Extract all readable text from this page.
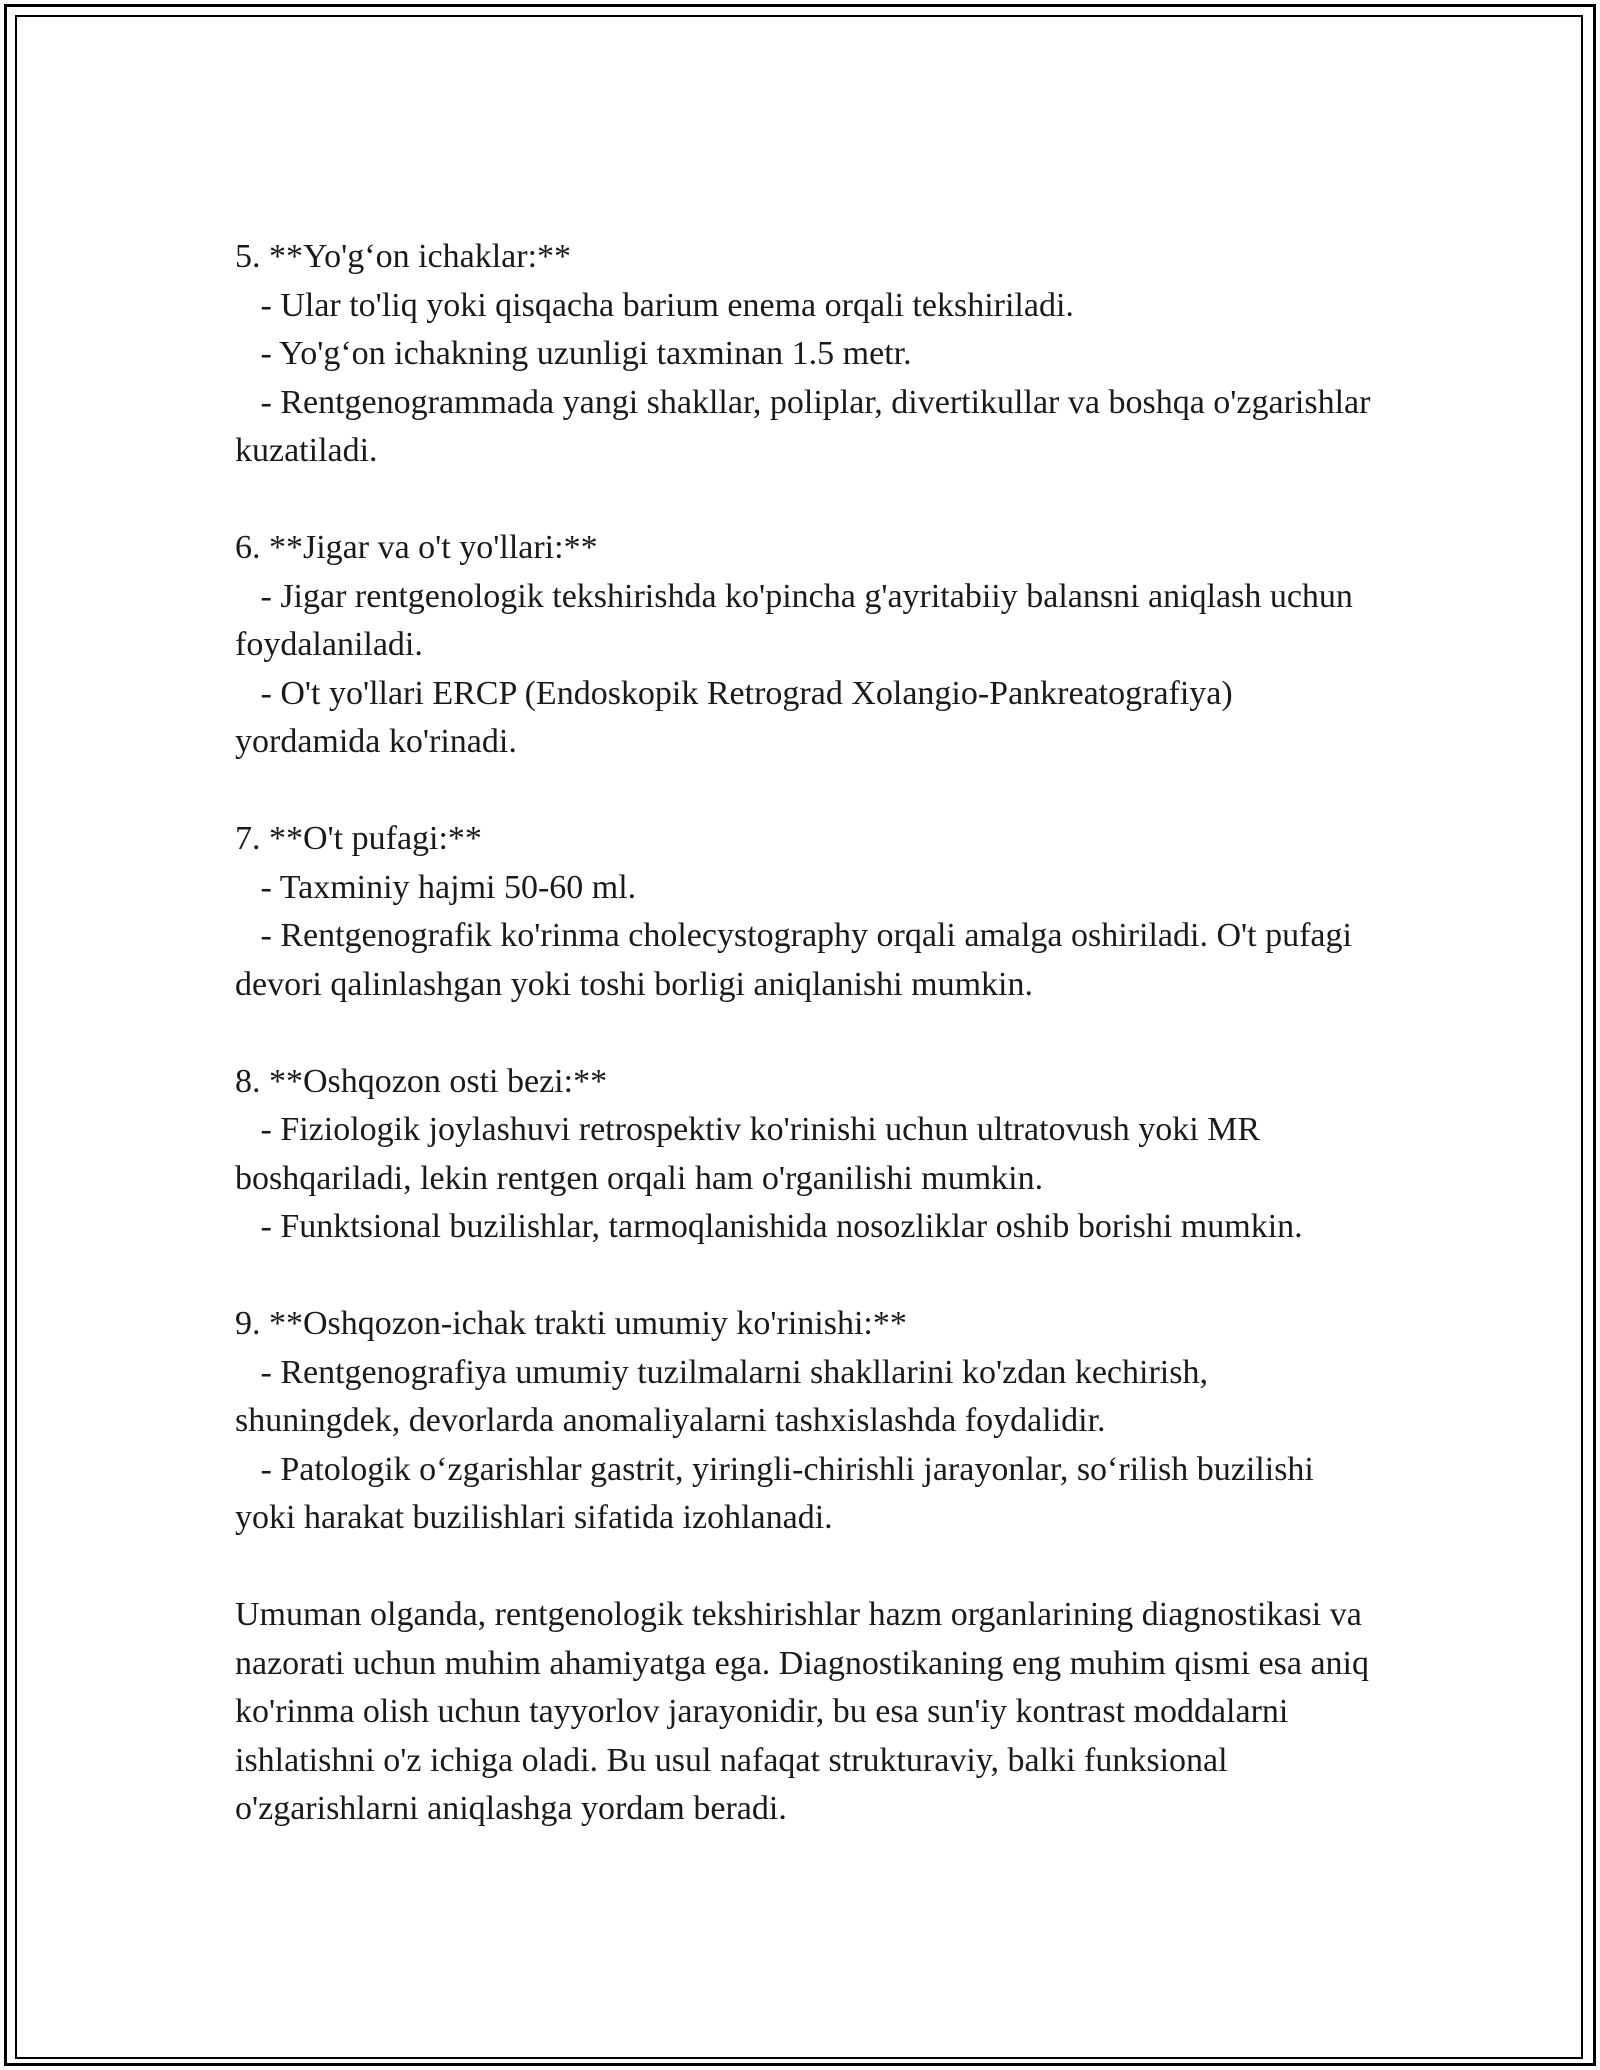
5. **Yo'g‘on ichaklar:**
- Ular to'liq yoki qisqacha barium enema orqali tekshiriladi.
- Yo'g‘on ichakning uzunligi taxminan 1.5 metr.
- Rentgenogrammada yangi shakllar, poliplar, divertikullar va boshqa o'zgarishlar kuzatiladi.
6. **Jigar va o't yo'llari:**
- Jigar rentgenologik tekshirishda ko'pincha g'ayritabiiy balansni aniqlash uchun foydalaniladi.
- O't yo'llari ERCP (Endoskopik Retrograd Xolangio-Pankreatografiya) yordamida ko'rinadi.
7. **O't pufagi:**
- Taxminiy hajmi 50-60 ml.
- Rentgenografik ko'rinma cholecystography orqali amalga oshiriladi. O't pufagi devori qalinlashgan yoki toshi borligi aniqlanishi mumkin.
8. **Oshqozon osti bezi:**
- Fiziologik joylashuvi retrospektiv ko'rinishi uchun ultratovush yoki MR boshqariladi, lekin rentgen orqali ham o'rganilishi mumkin.
- Funktsional buzilishlar, tarmoqlanishida nosozliklar oshib borishi mumkin.
9. **Oshqozon-ichak trakti umumiy ko'rinishi:**
- Rentgenografiya umumiy tuzilmalarni shakllarini ko'zdan kechirish, shuningdek, devorlarda anomaliyalarni tashxislashda foydalidir.
- Patologik o‘zgarishlar gastrit, yiringli-chirishli jarayonlar, so‘rilish buzilishi yoki harakat buzilishlari sifatida izohlanadi.

Umuman olganda, rentgenologik tekshirishlar hazm organlarining diagnostikasi va nazorati uchun muhim ahamiyatga ega. Diagnostikaning eng muhim qismi esa aniq ko'rinma olish uchun tayyorlov jarayonidir, bu esa sun'iy kontrast moddalarni ishlatishni o'z ichiga oladi. Bu usul nafaqat strukturaviy, balki funksional o'zgarishlarni aniqlashga yordam beradi.
